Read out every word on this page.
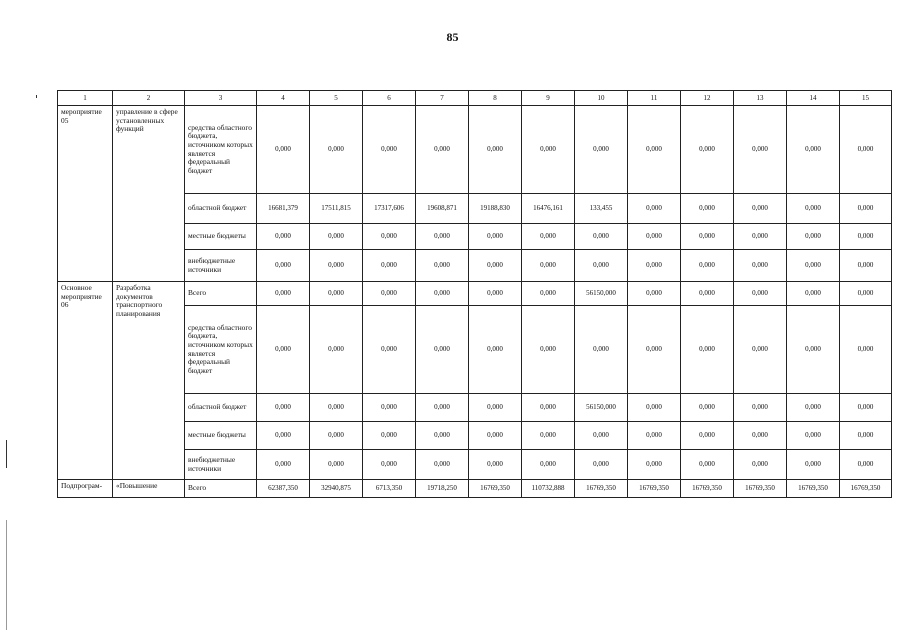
85
1	2	3	4	5	6	7	8	9	10	11	12	13	14	15
мероприятие 05	управление в сфере установленных функций	средства областного бюджета, источником которых является федеральный бюджет	0,000	0,000	0,000	0,000	0,000	0,000	0,000	0,000	0,000	0,000	0,000	0,000
		областной бюджет	16681,379	17511,815	17317,606	19608,871	19188,830	16476,161	133,455	0,000	0,000	0,000	0,000	0,000
		местные бюджеты	0,000	0,000	0,000	0,000	0,000	0,000	0,000	0,000	0,000	0,000	0,000	0,000
		внебюджетные источники	0,000	0,000	0,000	0,000	0,000	0,000	0,000	0,000	0,000	0,000	0,000	0,000
Основное мероприятие 06	Разработка документов транспортного планирования	Всего	0,000	0,000	0,000	0,000	0,000	0,000	56150,000	0,000	0,000	0,000	0,000	0,000
		средства областного бюджета, источником которых является федеральный бюджет	0,000	0,000	0,000	0,000	0,000	0,000	0,000	0,000	0,000	0,000	0,000	0,000
		областной бюджет	0,000	0,000	0,000	0,000	0,000	0,000	56150,000	0,000	0,000	0,000	0,000	0,000
		местные бюджеты	0,000	0,000	0,000	0,000	0,000	0,000	0,000	0,000	0,000	0,000	0,000	0,000
		внебюджетные источники	0,000	0,000	0,000	0,000	0,000	0,000	0,000	0,000	0,000	0,000	0,000	0,000
Подпрограм-	«Повышение	Всего	62387,350	32940,875	6713,350	19718,250	16769,350	110732,888	16769,350	16769,350	16769,350	16769,350	16769,350	16769,350
